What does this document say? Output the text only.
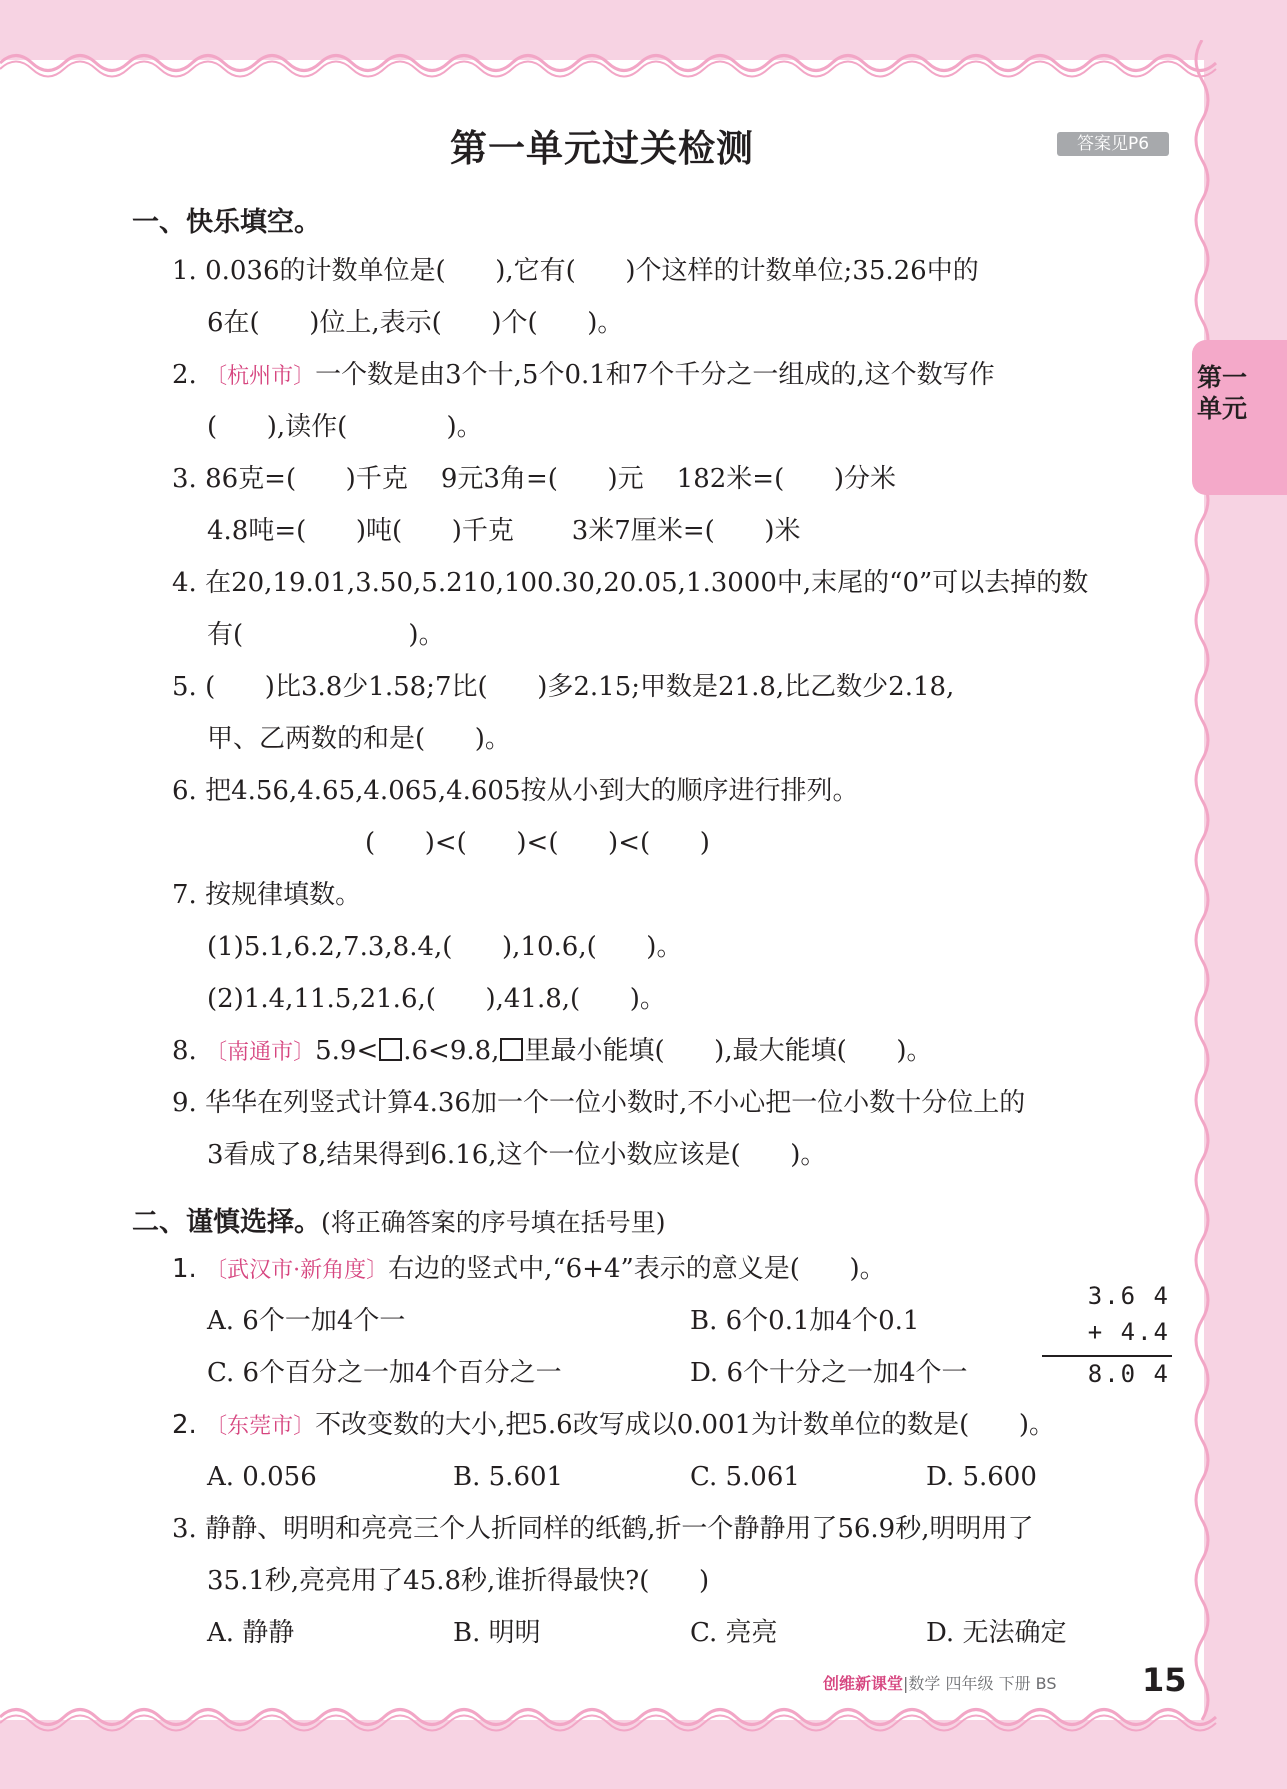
第一单元过关检测	答案见P6
第一单元
一、快乐填空。
1. 0.036的计数单位是(      ),它有(      )个这样的计数单位;35.26中的
6在(      )位上,表示(      )个(      )。
2. 〔杭州市〕一个数是由3个十,5个0.1和7个千分之一组成的,这个数写作
(      ),读作(            )。
3. 86克=(      )千克    9元3角=(      )元    182米=(      )分米
4.8吨=(      )吨(      )千克       3米7厘米=(      )米
4. 在20,19.01,3.50,5.210,100.30,20.05,1.3000中,末尾的“0”可以去掉的数
有(                    )。
5. (      )比3.8少1.58;7比(      )多2.15;甲数是21.8,比乙数少2.18,
甲、乙两数的和是(      )。
6. 把4.56,4.65,4.065,4.605按从小到大的顺序进行排列。
(      )<(      )<(      )<(      )
7. 按规律填数。
(1)5.1,6.2,7.3,8.4,(      ),10.6,(      )。
(2)1.4,11.5,21.6,(      ),41.8,(      )。
8. 〔南通市〕5.9< .6<9.8, 里最小能填(      ),最大能填(      )。
9. 华华在列竖式计算4.36加一个一位小数时,不小心把一位小数十分位上的
3看成了8,结果得到6.16,这个一位小数应该是(      )。
二、谨慎选择。(将正确答案的序号填在括号里)
1. 〔武汉市·新角度〕右边的竖式中,“6+4”表示的意义是(      )。
A. 6个一加4个一	B. 6个0.1加4个0.1
C. 6个百分之一加4个百分之一	D. 6个十分之一加4个一

3.6 4

+ 4.4

8.0 4

2. 〔东莞市〕不改变数的大小,把5.6改写成以0.001为计数单位的数是(      )。
A. 0.056	B. 5.601	C. 5.061	D. 5.600
3. 静静、明明和亮亮三个人折同样的纸鹤,折一个静静用了56.9秒,明明用了
35.1秒,亮亮用了45.8秒,谁折得最快?(      )
A. 静静	B. 明明	C. 亮亮	D. 无法确定
创维新课堂|数学 四年级 下册 BS	15
